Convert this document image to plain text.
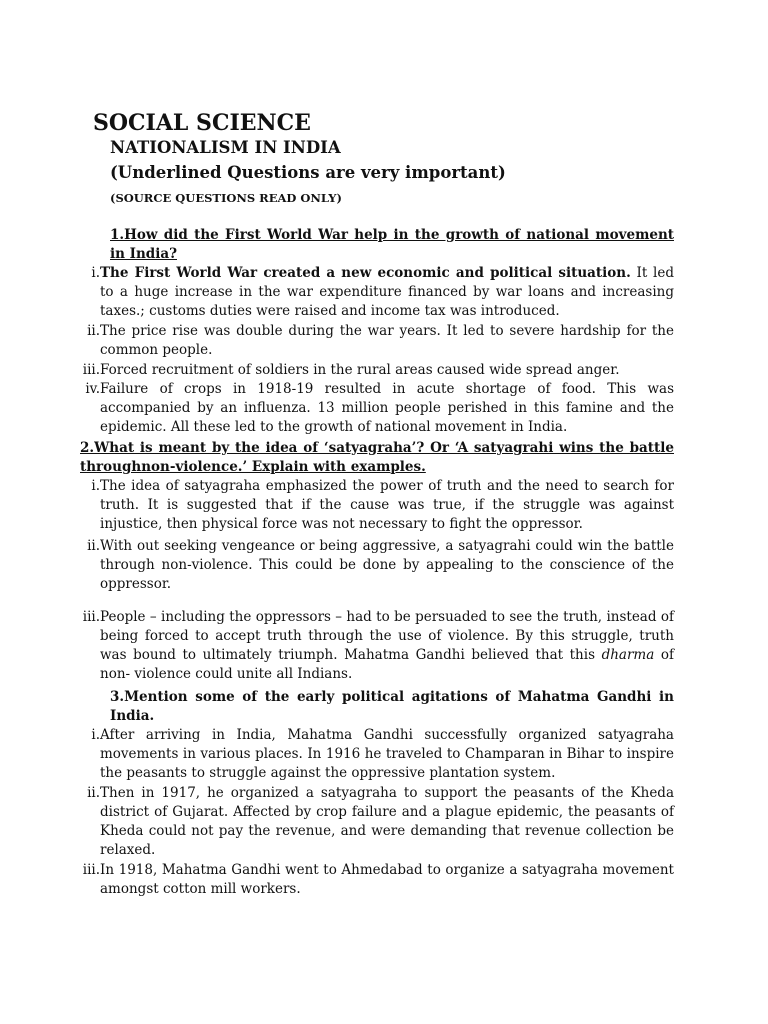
SOCIAL SCIENCE
NATIONALISM IN INDIA
(Underlined Questions are very important)
(SOURCE QUESTIONS READ ONLY)
1.How did the First World War help in the growth of national movement in India?
i. The First World War created a new economic and political situation. It led to a huge increase in the war expenditure financed by war loans and increasing taxes.; customs duties were raised and income tax was introduced.
ii. The price rise was double during the war years. It led to severe hardship for the common people.
iii. Forced recruitment of soldiers in the rural areas caused wide spread anger.
iv. Failure of crops in 1918-19 resulted in acute shortage of food. This was accompanied by an influenza. 13 million people perished in this famine and the epidemic. All these led to the growth of national movement in India.
2.What is meant by the idea of ‘satyagraha’? Or ‘A satyagrahi wins the battle throughnon-violence.’ Explain with examples.
i. The idea of satyagraha emphasized the power of truth and the need to search for truth. It is suggested that if the cause was true, if the struggle was against injustice, then physical force was not necessary to fight the oppressor.
ii. With out seeking vengeance or being aggressive, a satyagrahi could win the battle through non-violence. This could be done by appealing to the conscience of the oppressor.
iii. People – including the oppressors – had to be persuaded to see the truth, instead of being forced to accept truth through the use of violence. By this struggle, truth was bound to ultimately triumph. Mahatma Gandhi believed that this dharma of non- violence could unite all Indians.
3.Mention some of the early political agitations of Mahatma Gandhi in India.
i. After arriving in India, Mahatma Gandhi successfully organized satyagraha movements in various places. In 1916 he traveled to Champaran in Bihar to inspire the peasants to struggle against the oppressive plantation system.
ii. Then in 1917, he organized a satyagraha to support the peasants of the Kheda district of Gujarat. Affected by crop failure and a plague epidemic, the peasants of Kheda could not pay the revenue, and were demanding that revenue collection be relaxed.
iii. In 1918, Mahatma Gandhi went to Ahmedabad to organize a satyagraha movement amongst cotton mill workers.
